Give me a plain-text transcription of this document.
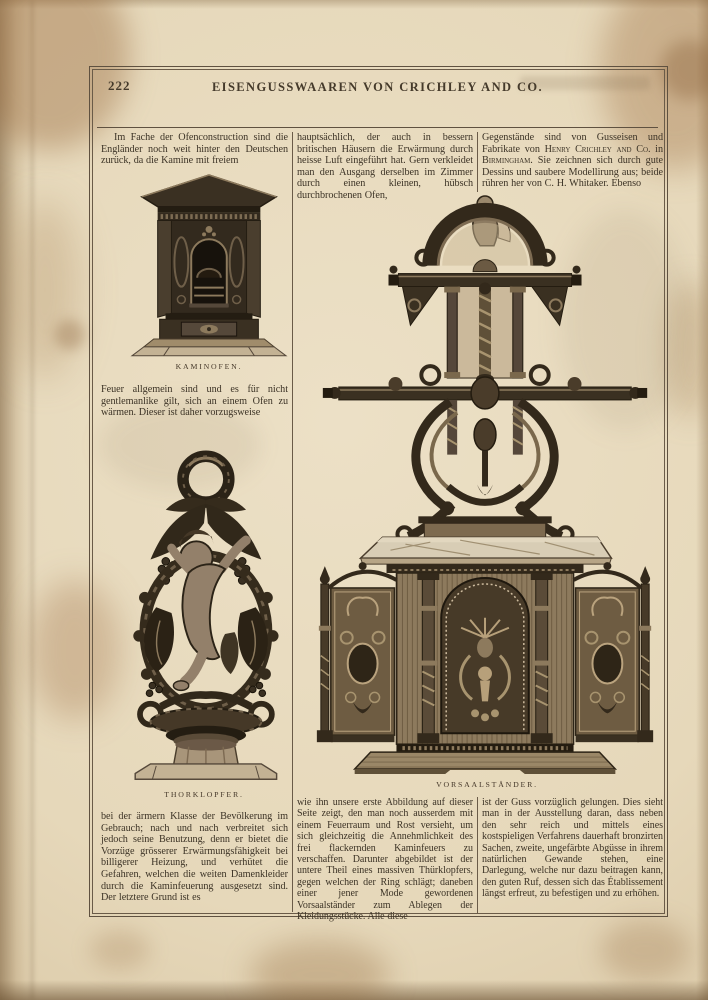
222	EISENGUSSWAAREN VON CRICHLEY AND CO.
Im Fache der Ofenconstruction sind die Engländer noch weit hinter den Deutschen zurück, da die Kamine mit freiem
KAMINOFEN.
Feuer allgemein sind und es für nicht gentlemanlike gilt, sich an einem Ofen zu wärmen. Dieser ist daher vorzugsweise
THORKLOPFER.
bei der ärmern Klasse der Bevölkerung im Gebrauch; nach und nach verbreitet sich jedoch seine Benutzung, denn er bietet die Vorzüge grösserer Erwärmungsfähigkeit bei billigerer Heizung, und verhütet die Gefahren, welchen die weiten Damenkleider durch die Kaminfeuerung ausgesetzt sind. Der letztere Grund ist es
hauptsächlich, der auch in bessern britischen Häusern die Erwärmung durch heisse Luft eingeführt hat. Gern verkleidet man den Ausgang derselben im Zimmer durch einen kleinen, hübsch durchbrochenen Ofen,
wie ihn unsere erste Abbildung auf dieser Seite zeigt, den man noch ausserdem mit einem Feuerraum und Rost versieht, um sich gleichzeitig die Annehmlichkeit des frei flackernden Kaminfeuers zu verschaffen. Darunter abgebildet ist der untere Theil eines massiven Thürklopfers, gegen welchen der Ring schlägt; daneben einer jener Mode gewordenen Vorsaalständer zum Ablegen der Kleidungsstücke. Alle diese
Gegenstände sind von Gusseisen und Fabrikate von Henry Crichley and Co. in Birmingham. Sie zeichnen sich durch gute Dessins und saubere Modellirung aus; beide rühren her von C. H. Whitaker. Ebenso
ist der Guss vorzüglich gelungen. Dies sieht man in der Ausstellung daran, dass neben den sehr reich und mittels eines kostspieligen Verfahrens dauerhaft bronzirten Sachen, zweite, ungefärbte Abgüsse in ihrem natürlichen Gewande stehen, eine Darlegung, welche nur dazu beitragen kann, den guten Ruf, dessen sich das Établissement längst erfreut, zu befestigen und zu erhöhen.
VORSAALSTÄNDER.
